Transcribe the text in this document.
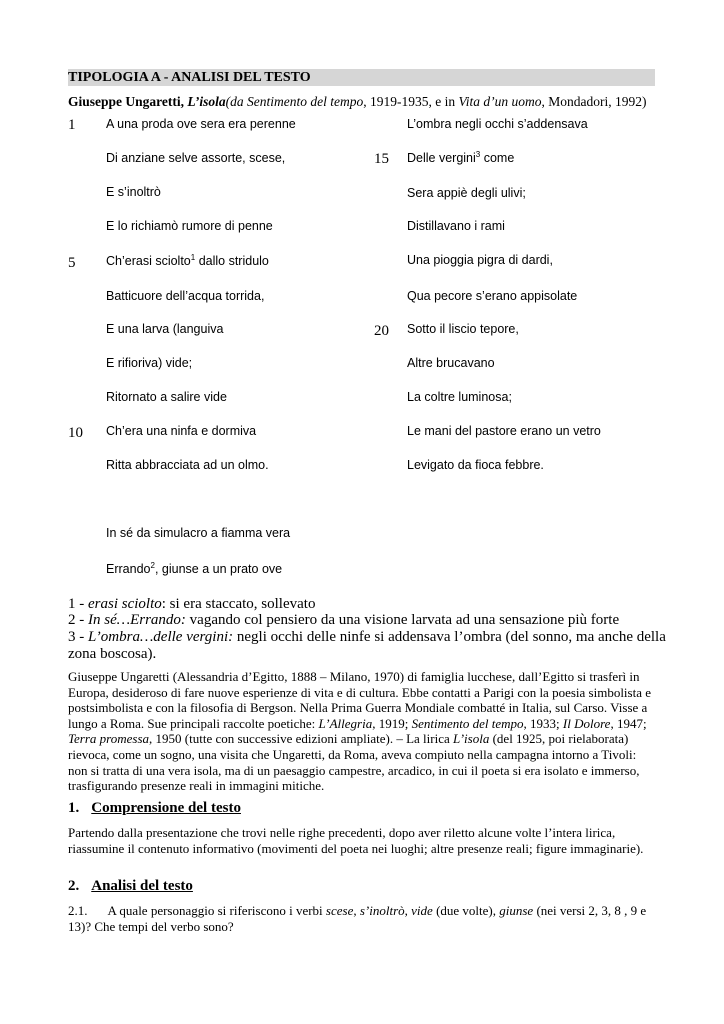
TIPOLOGIA A - ANALISI DEL TESTO
Giuseppe Ungaretti, L’isola(da Sentimento del tempo, 1919-1935, e in Vita d’un uomo, Mondadori, 1992)
1
5
10
15
20
A una proda ove sera era perenne
Di anziane selve assorte, scese,
E s’inoltrò
E lo richiamò rumore di penne
Ch’erasi sciolto$^1$ dallo stridulo
Batticuore dell’acqua torrida,
E una larva (languiva
E rifioriva) vide;
Ritornato a salire vide
Ch’era una ninfa e dormiva
Ritta abbracciata ad un olmo.
In sé da simulacro a fiamma vera
Errando$^2$, giunse a un prato ove
L’ombra negli occhi s’addensava
Delle vergini$^3$ come
Sera appiè degli ulivi;
Distillavano i rami
Una pioggia pigra di dardi,
Qua pecore s’erano appisolate
Sotto il liscio tepore,
Altre brucavano
La coltre luminosa;
Le mani del pastore erano un vetro
Levigato da fioca febbre.
1 - erasi sciolto: si era staccato, sollevato
2 - In sé…Errando: vagando col pensiero da una visione larvata ad una sensazione più forte
3 - L’ombra…delle vergini: negli occhi delle ninfe si addensava l’ombra (del sonno, ma anche della
zona boscosa).
Giuseppe Ungaretti (Alessandria d’Egitto, 1888 – Milano, 1970) di famiglia lucchese, dall’Egitto si trasferì in Europa, desideroso di fare nuove esperienze di vita e di cultura. Ebbe contatti a Parigi con la poesia simbolista e postsimbolista e con la filosofia di Bergson. Nella Prima Guerra Mondiale combatté in Italia, sul Carso. Visse a lungo a Roma. Sue principali raccolte poetiche: L’Allegria, 1919; Sentimento del tempo, 1933; Il Dolore, 1947; Terra promessa, 1950 (tutte con successive edizioni ampliate). – La lirica L’isola (del 1925, poi rielaborata) rievoca, come un sogno, una visita che Ungaretti, da Roma, aveva compiuto nella campagna intorno a Tivoli: non si tratta di una vera isola, ma di un paesaggio campestre, arcadico, in cui il poeta si era isolato e immerso, trasfigurando presenze reali in immagini mitiche.
1. Comprensione del testo
Partendo dalla presentazione che trovi nelle righe precedenti, dopo aver riletto alcune volte l’intera lirica, riassumine il contenuto informativo (movimenti del poeta nei luoghi; altre presenze reali; figure immaginarie).
2. Analisi del testo
2.1. A quale personaggio si riferiscono i verbi scese, s’inoltrò, vide (due volte), giunse (nei versi 2, 3, 8 , 9 e 13)? Che tempi del verbo sono?
